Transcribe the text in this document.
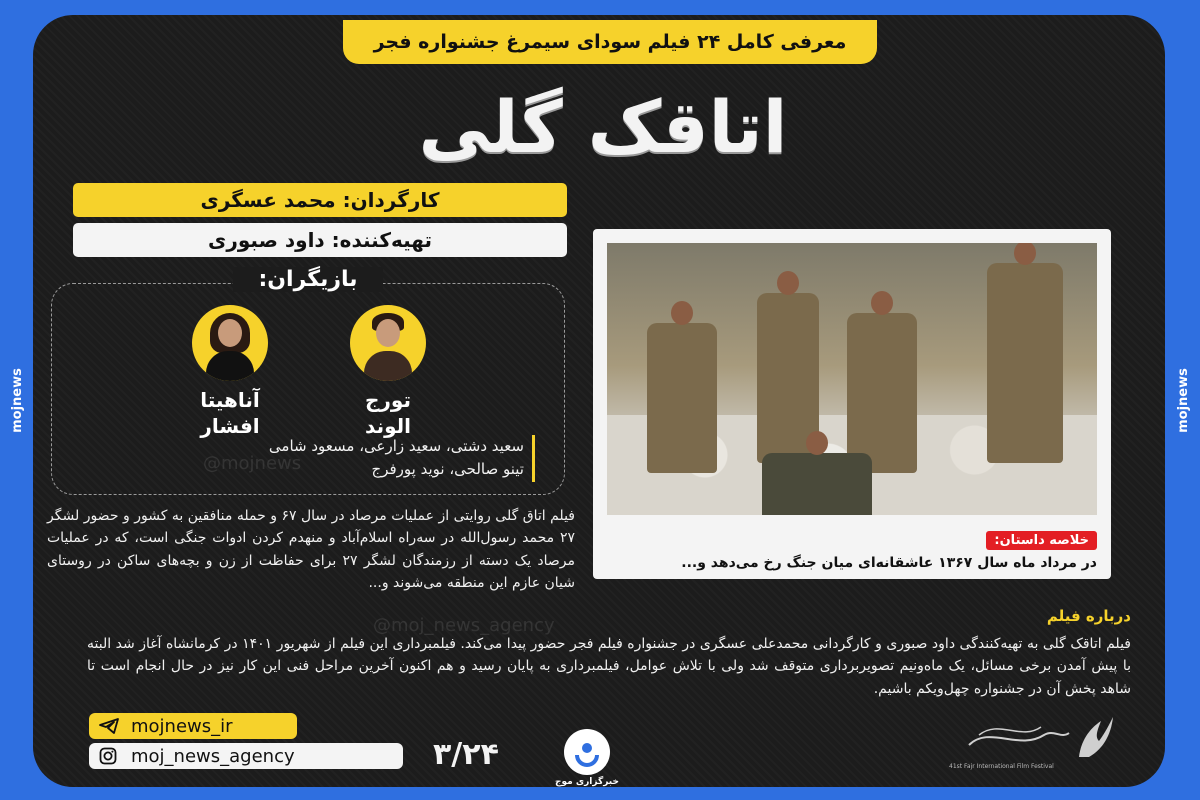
mojnews	mojnews
معرفی کامل ۲۴ فیلم سودای سیمرغ جشنواره فجر
اتاقک گلی
کارگردان: محمد عسگری
تهیه‌کننده: داود صبوری
بازیگران:
تورج
الوند
آناهیتا
افشار
سعید دشتی، سعید زارعی، مسعود شامی
تینو صالحی، نوید پورفرج
@mojnews
@moj_news_agency
فیلم اتاق گلی روایتی از عملیات مرصاد در سال ۶۷ و حمله منافقین به کشور و حضور لشگر ۲۷ محمد رسول‌الله در سه‌راه اسلام‌آباد و منهدم کردن ادوات جنگی است، که در عملیات مرصاد یک دسته از رزمندگان لشگر ۲۷ برای حفاظت از زن و بچه‌های ساکن در روستای شیان عازم این منطقه می‌شوند و...
خلاصه داستان:
در مرداد ماه سال ۱۳۶۷ عاشقانه‌ای میان جنگ رخ می‌دهد و...
درباره فیلم
فیلم اتاقک گلی به تهیه‌کنندگی داود صبوری و کارگردانی محمدعلی عسگری در جشنواره فیلم فجر حضور پیدا می‌کند. فیلمبرداری این فیلم از شهریور ۱۴۰۱ در کرمانشاه آغاز شد البته با پیش آمدن برخی مسائل، یک ماه‌ونیم تصویربرداری متوقف شد ولی با تلاش عوامل، فیلمبرداری به پایان رسید و هم اکنون آخرین مراحل فنی این کار نیز در حال انجام است تا شاهد پخش آن در جشنواره چهل‌ویکم باشیم.
mojnews_ir
moj_news_agency	۳/۲۴
خبرگزاری موج
41st Fajr International Film Festival
